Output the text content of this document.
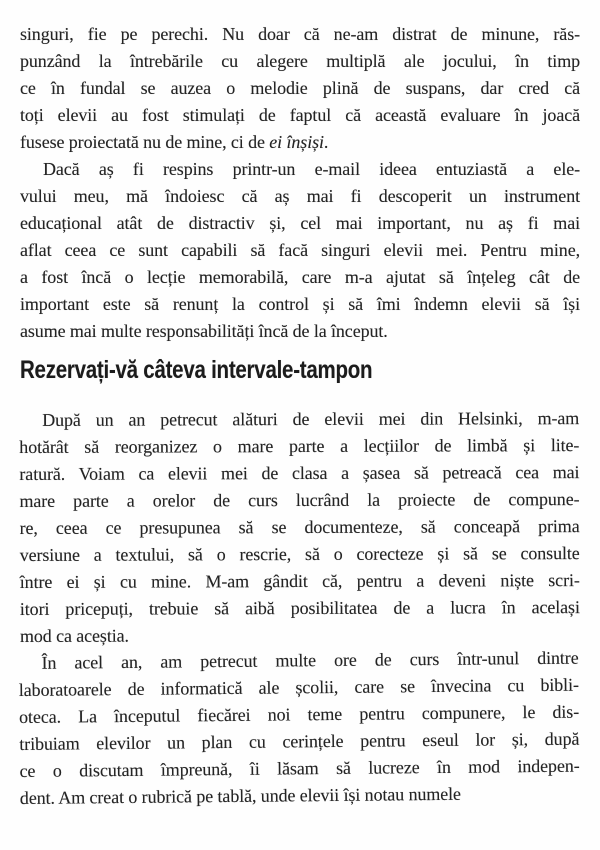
singuri, fie pe perechi. Nu doar că ne-am distrat de minune, răs-
punzând la întrebările cu alegere multiplă ale jocului, în timp
ce în fundal se auzea o melodie plină de suspans, dar cred că
toți elevii au fost stimulați de faptul că această evaluare în joacă
fusese proiectată nu de mine, ci de ei înșiși.
Dacă aș fi respins printr-un e-mail ideea entuziastă a ele-
vului meu, mă îndoiesc că aș mai fi descoperit un instrument
educațional atât de distractiv și, cel mai important, nu aș fi mai
aflat ceea ce sunt capabili să facă singuri elevii mei. Pentru mine,
a fost încă o lecție memorabilă, care m-a ajutat să înțeleg cât de
important este să renunț la control și să îmi îndemn elevii să își
asume mai multe responsabilități încă de la început.
Rezervați-vă câteva intervale-tampon
După un an petrecut alături de elevii mei din Helsinki, m-am
hotărât să reorganizez o mare parte a lecțiilor de limbă și lite-
ratură. Voiam ca elevii mei de clasa a șasea să petreacă cea mai
mare parte a orelor de curs lucrând la proiecte de compune-
re, ceea ce presupunea să se documenteze, să conceapă prima
versiune a textului, să o rescrie, să o corecteze și să se consulte
între ei și cu mine. M-am gândit că, pentru a deveni niște scri-
itori pricepuți, trebuie să aibă posibilitatea de a lucra în același
mod ca aceștia.
În acel an, am petrecut multe ore de curs într-unul dintre
laboratoarele de informatică ale școlii, care se învecina cu bibli-
oteca. La începutul fiecărei noi teme pentru compunere, le dis-
tribuiam elevilor un plan cu cerințele pentru eseul lor și, după
ce o discutam împreună, îi lăsam să lucreze în mod indepen-
dent. Am creat o rubrică pe tablă, unde elevii își notau numele
